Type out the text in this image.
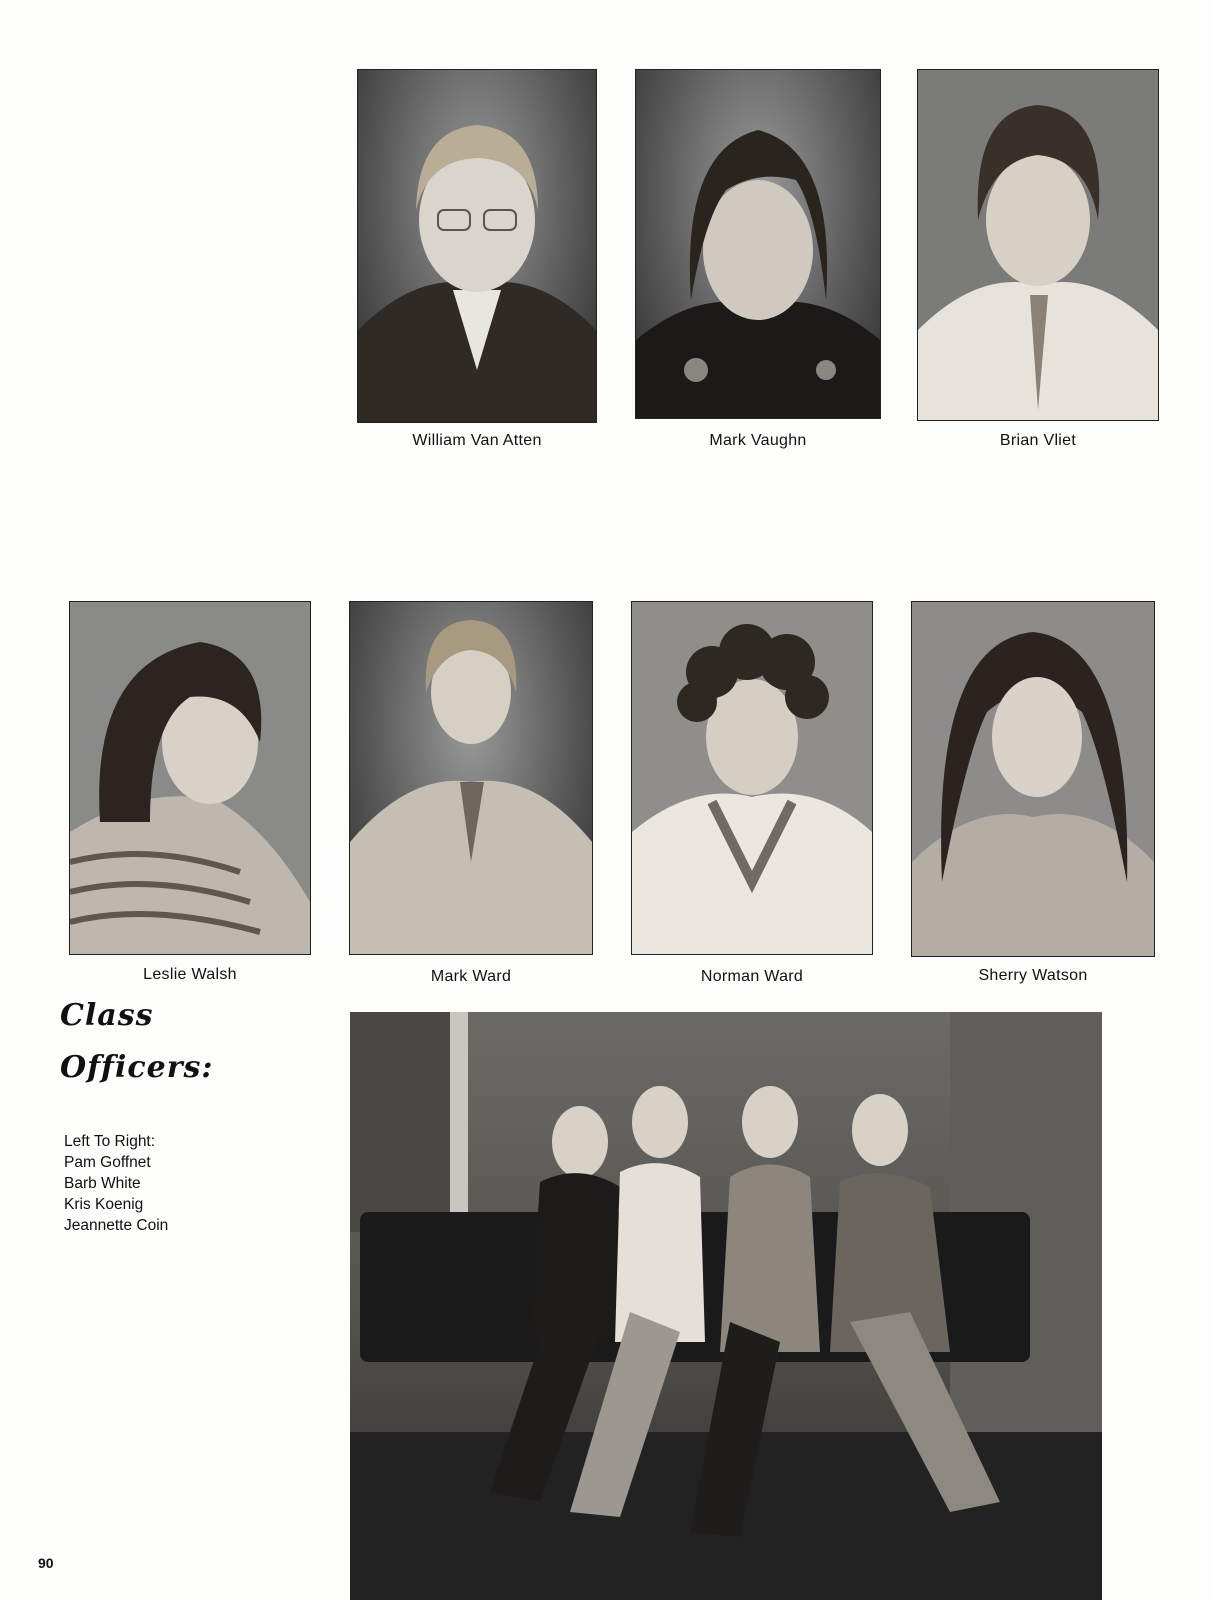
William Van Atten	Mark Vaughn	Brian Vliet
Leslie Walsh	Mark Ward	Norman Ward	Sherry Watson
Class
Officers:
Left To Right:
Pam Goffnet
Barb White
Kris Koenig
Jeannette Coin
90
